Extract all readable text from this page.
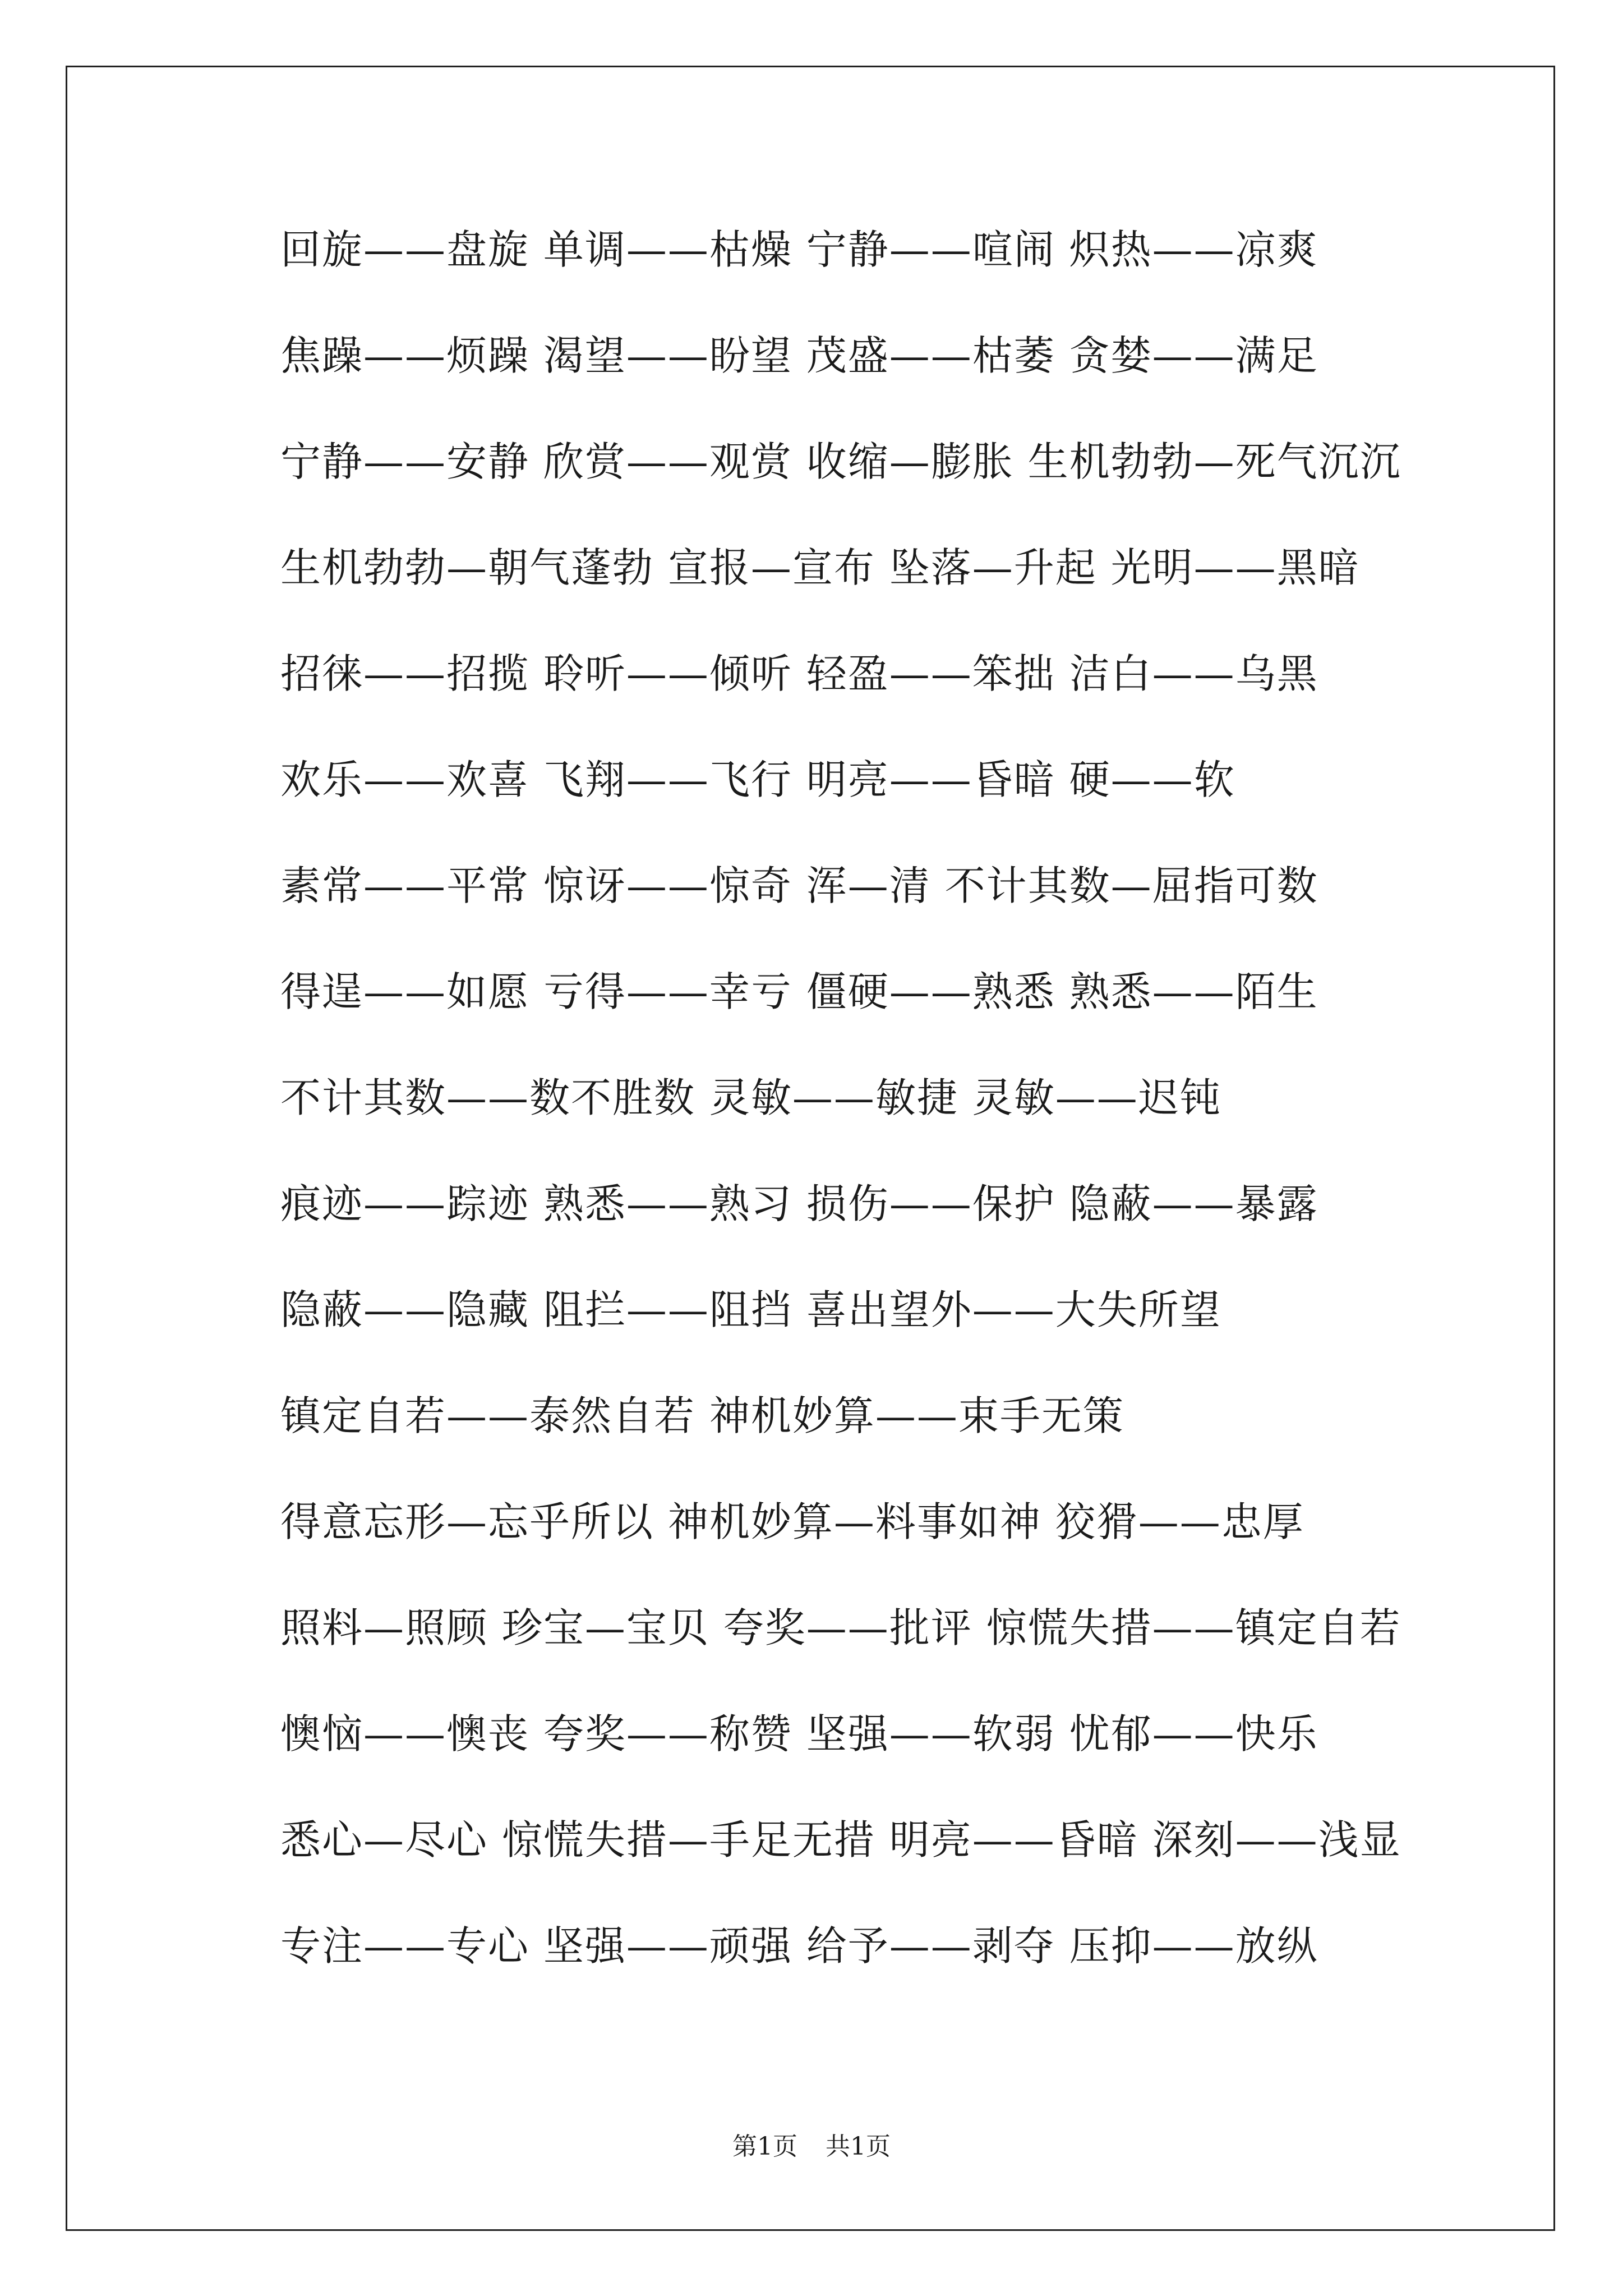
回旋——盘旋 单调——枯燥 宁静——喧闹 炽热——凉爽
焦躁——烦躁 渴望——盼望 茂盛——枯萎 贪婪——满足
宁静——安静 欣赏——观赏 收缩—膨胀 生机勃勃—死气沉沉
生机勃勃—朝气蓬勃 宣报—宣布 坠落—升起 光明——黑暗
招徕——招揽 聆听——倾听 轻盈——笨拙 洁白——乌黑
欢乐——欢喜 飞翔——飞行 明亮——昏暗 硬——软
素常——平常 惊讶——惊奇 浑—清 不计其数—屈指可数
得逞——如愿 亏得——幸亏 僵硬——熟悉 熟悉——陌生
不计其数——数不胜数 灵敏——敏捷 灵敏——迟钝
痕迹——踪迹 熟悉——熟习 损伤——保护 隐蔽——暴露
隐蔽——隐藏 阻拦——阻挡 喜出望外——大失所望
镇定自若——泰然自若 神机妙算——束手无策
得意忘形—忘乎所以 神机妙算—料事如神 狡猾——忠厚
照料—照顾 珍宝—宝贝 夸奖——批评 惊慌失措——镇定自若
懊恼——懊丧 夸奖——称赞 坚强——软弱 忧郁——快乐
悉心—尽心 惊慌失措—手足无措 明亮——昏暗 深刻——浅显
专注——专心 坚强——顽强 给予——剥夺 压抑——放纵
第1页 共1页
